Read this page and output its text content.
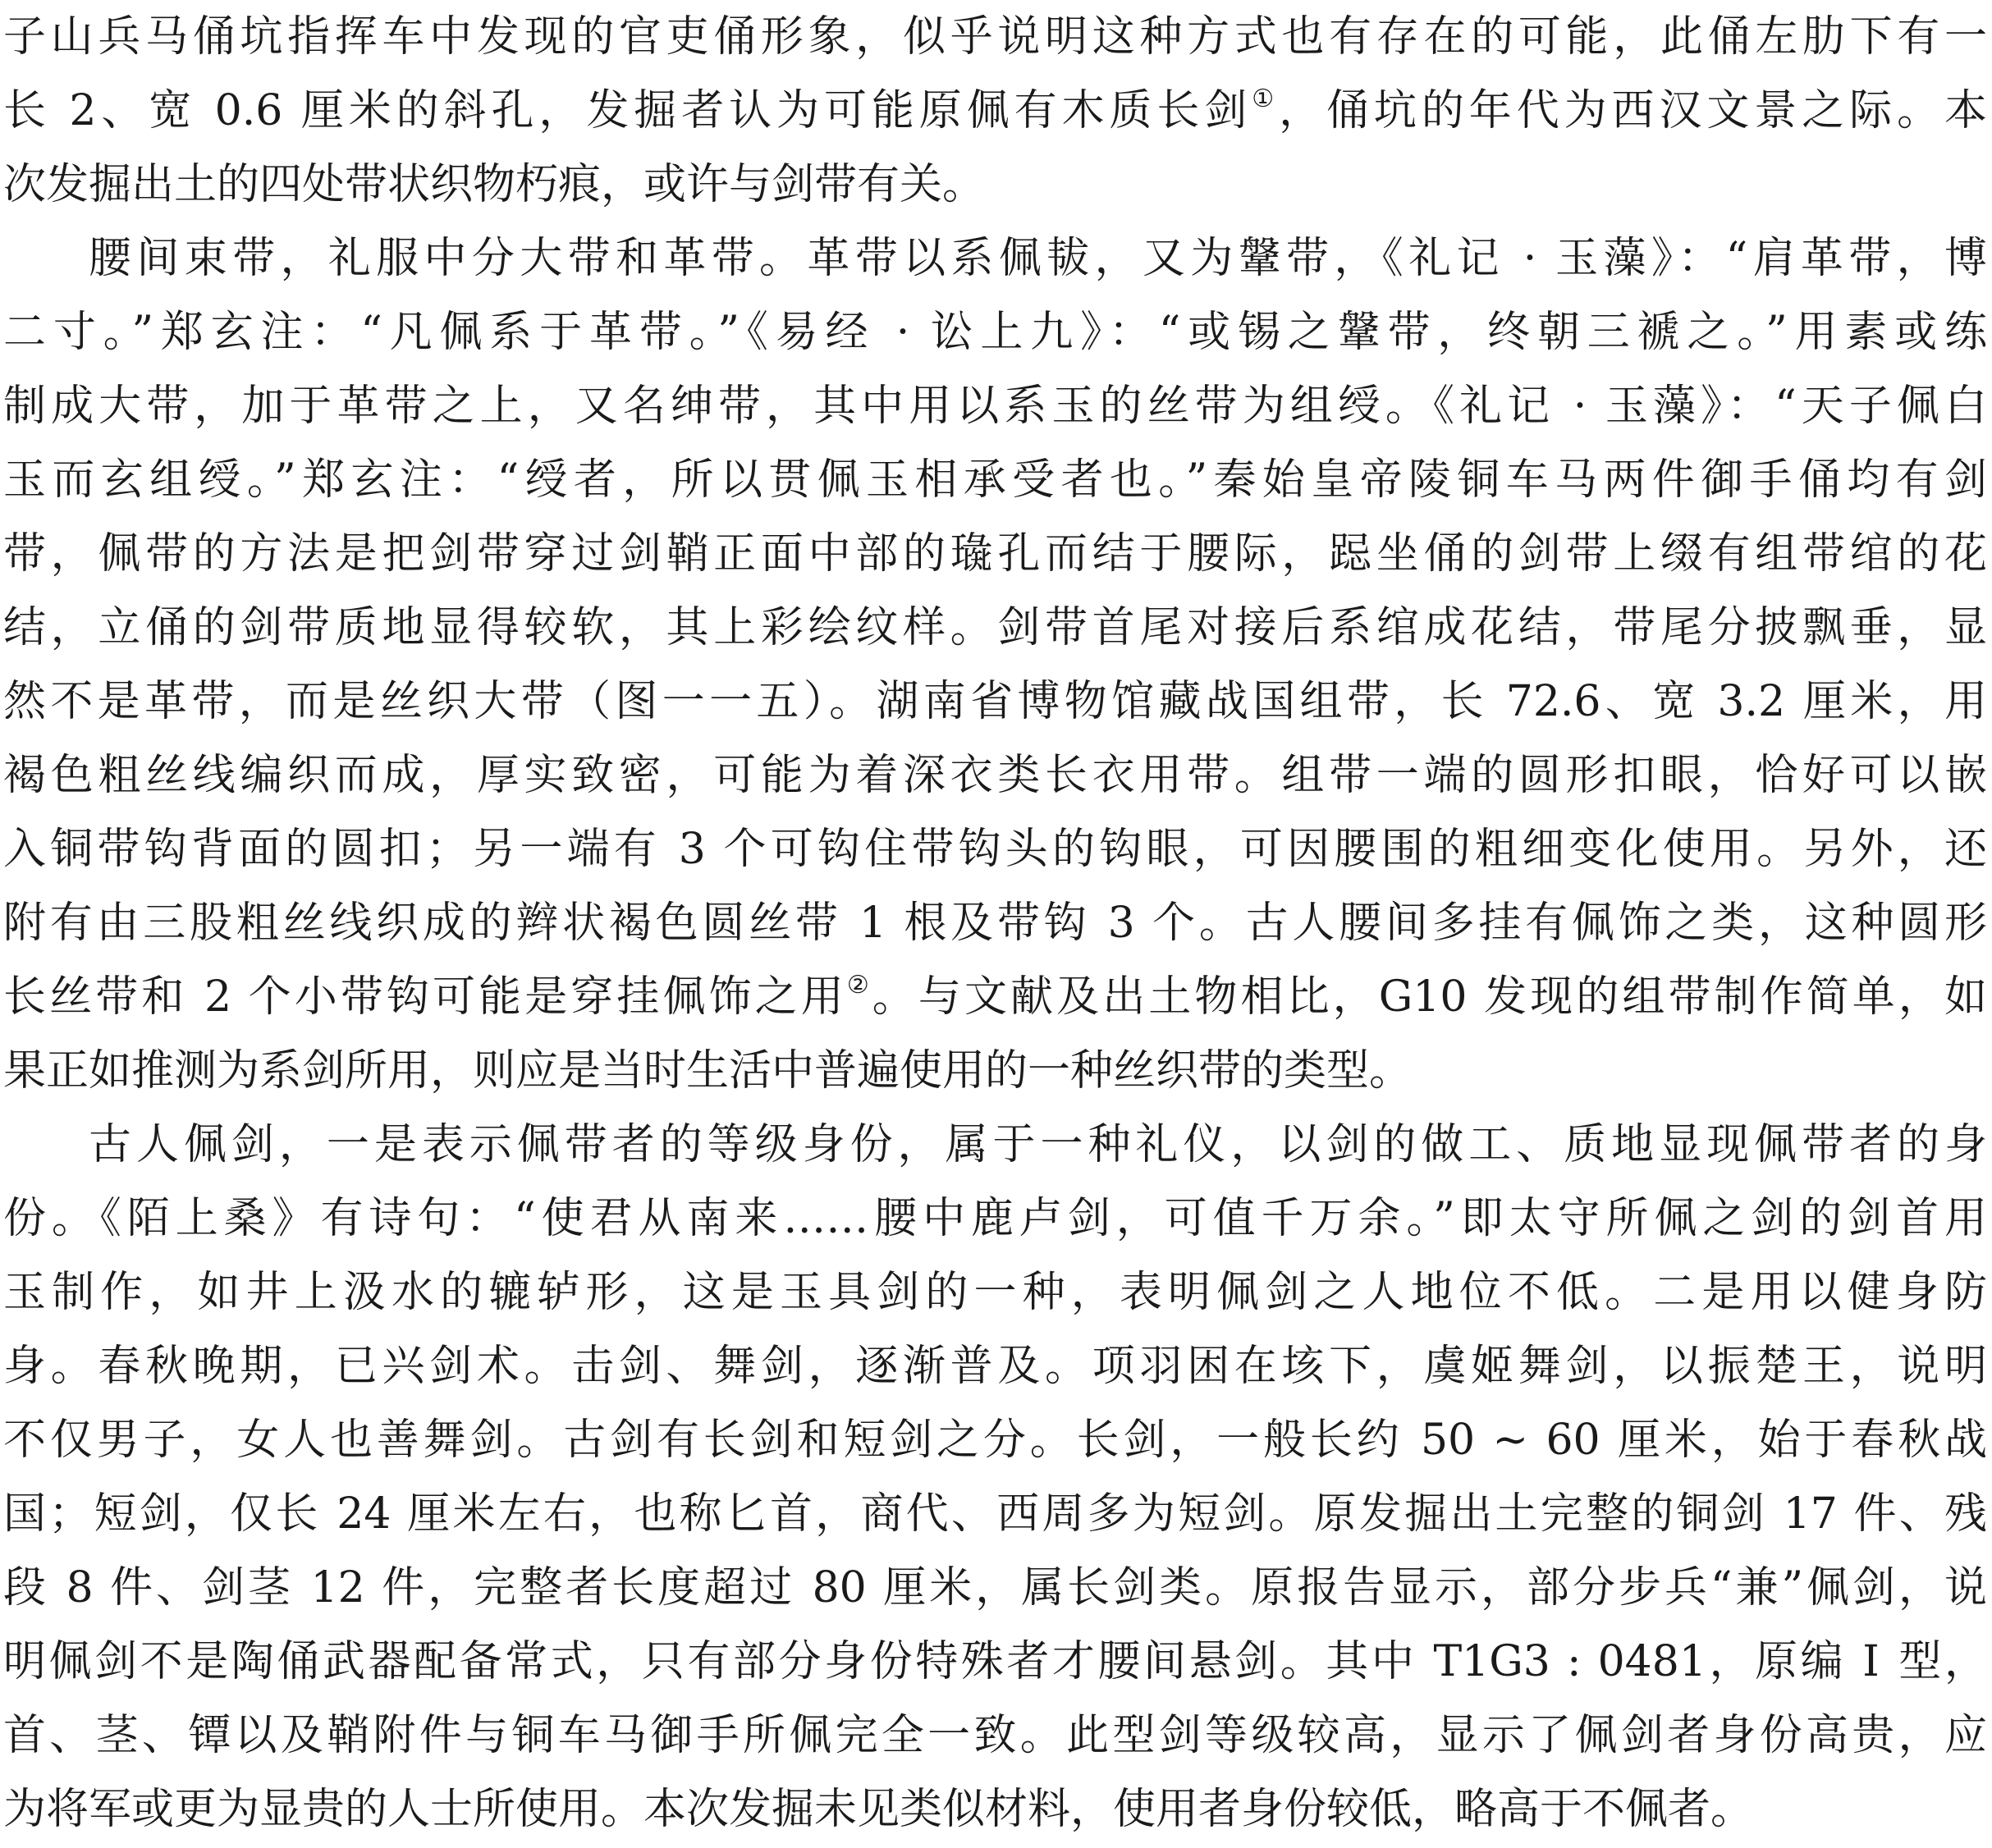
子山兵马俑坑指挥车中发现的官吏俑形象，似乎说明这种方式也有存在的可能，此俑左肋下有一
长 2、宽 0.6 厘米的斜孔，发掘者认为可能原佩有木质长剑①，俑坑的年代为西汉文景之际。本
次发掘出土的四处带状织物朽痕，或许与剑带有关。
腰间束带，礼服中分大带和革带。革带以系佩韨，又为鞶带，《礼记 · 玉藻》：“肩革带，博
二寸。”郑玄注：“凡佩系于革带。”《易经 · 讼上九》：“或锡之鞶带，终朝三褫之。”用素或练
制成大带，加于革带之上，又名绅带，其中用以系玉的丝带为组绶。《礼记 · 玉藻》：“天子佩白
玉而玄组绶。”郑玄注：“绶者，所以贯佩玉相承受者也。”秦始皇帝陵铜车马两件御手俑均有剑
带，佩带的方法是把剑带穿过剑鞘正面中部的璏孔而结于腰际，跽坐俑的剑带上缀有组带绾的花
结，立俑的剑带质地显得较软，其上彩绘纹样。剑带首尾对接后系绾成花结，带尾分披飘垂，显
然不是革带，而是丝织大带（图一一五）。湖南省博物馆藏战国组带，长 72.6、宽 3.2 厘米，用
褐色粗丝线编织而成，厚实致密，可能为着深衣类长衣用带。组带一端的圆形扣眼，恰好可以嵌
入铜带钩背面的圆扣；另一端有 3 个可钩住带钩头的钩眼，可因腰围的粗细变化使用。另外，还
附有由三股粗丝线织成的辫状褐色圆丝带 1 根及带钩 3 个。古人腰间多挂有佩饰之类，这种圆形
长丝带和 2 个小带钩可能是穿挂佩饰之用②。与文献及出土物相比，G10 发现的组带制作简单，如
果正如推测为系剑所用，则应是当时生活中普遍使用的一种丝织带的类型。
古人佩剑，一是表示佩带者的等级身份，属于一种礼仪，以剑的做工、质地显现佩带者的身
份。《陌上桑》有诗句：“使君从南来……腰中鹿卢剑，可值千万余。”即太守所佩之剑的剑首用
玉制作，如井上汲水的辘轳形，这是玉具剑的一种，表明佩剑之人地位不低。二是用以健身防
身。春秋晚期，已兴剑术。击剑、舞剑，逐渐普及。项羽困在垓下，虞姬舞剑，以振楚王，说明
不仅男子，女人也善舞剑。古剑有长剑和短剑之分。长剑，一般长约 50 ~ 60 厘米，始于春秋战
国；短剑，仅长 24 厘米左右，也称匕首，商代、西周多为短剑。原发掘出土完整的铜剑 17 件、残
段 8 件、剑茎 12 件，完整者长度超过 80 厘米，属长剑类。原报告显示，部分步兵“兼”佩剑，说
明佩剑不是陶俑武器配备常式，只有部分身份特殊者才腰间悬剑。其中 T1G3 : 0481，原编 Ⅰ 型，
首、茎、镡以及鞘附件与铜车马御手所佩完全一致。此型剑等级较高，显示了佩剑者身份高贵，应
为将军或更为显贵的人士所使用。本次发掘未见类似材料，使用者身份较低，略高于不佩者。
